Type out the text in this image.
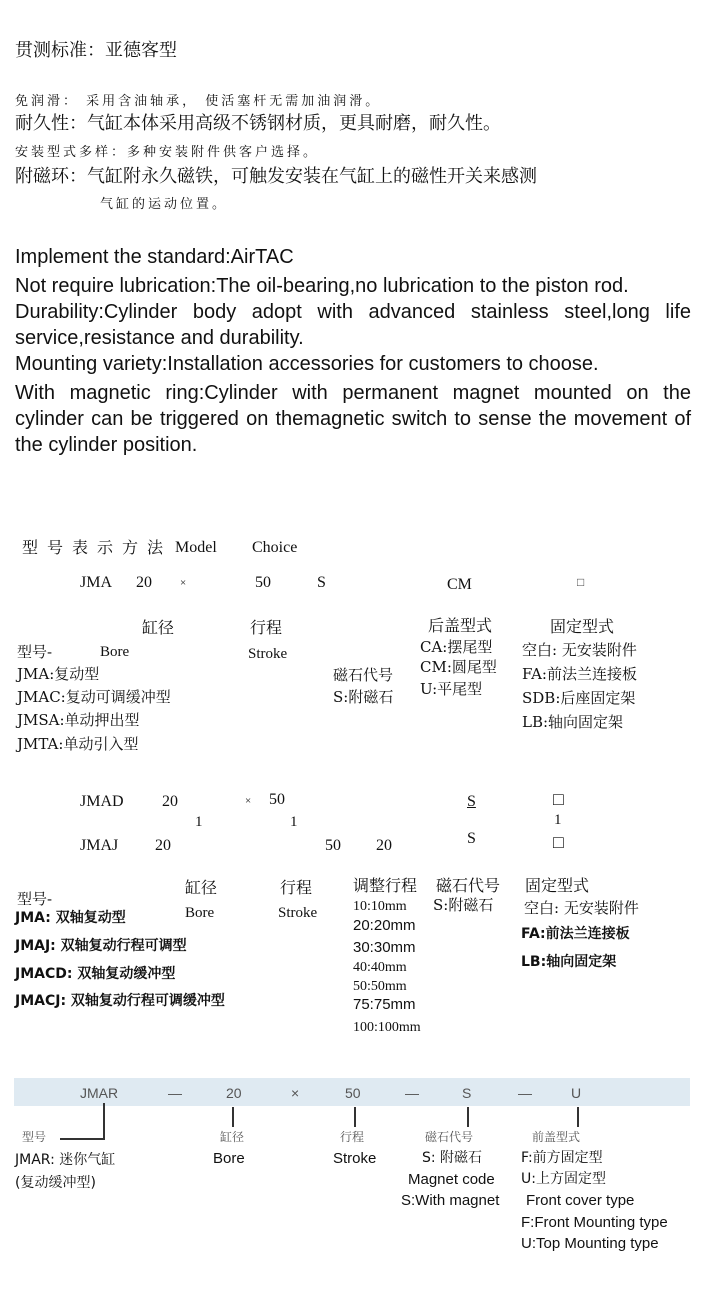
贯测标准：亚德客型
免润滑： 采用含油轴承， 使活塞杆无需加油润滑。
耐久性：气缸本体采用高级不锈钢材质，更具耐磨，耐久性。
安装型式多样：多种安装附件供客户选择。
附磁环：气缸附永久磁铁，可触发安装在气缸上的磁性开关来感测
气缸的运动位置。

Implement the standard:AirTAC

Not require lubrication:The oil-bearing,no lubrication to the piston rod.

Durability:Cylinder body adopt with advanced stainless steel,long life service,resistance and durability.

Mounting variety:Installation accessories for customers to choose.

With magnetic ring:Cylinder with permanent magnet mounted on the cylinder can be triggered on themagnetic switch to sense the movement of the cylinder position.

型号表示方法 Model Choice
JMA 20	×	50	S	CM	□
缸径	行程	后盖型式	固定型式
型号-	Bore	Stroke
JMA:复动型
JMAC:复动可调缓冲型
JMSA:单动押出型
JMTA:单动引入型
磁石代号
S:附磁石
CA:摆尾型
CM:圆尾型
U:平尾型
空白: 无安装附件
FA:前法兰连接板
SDB:后座固定架
LB:轴向固定架
JMAD 20	× 50	S	□
1	1	1
JMAJ 20	50 20	S	□
缸径	行程	调整行程 磁石代号 固定型式
型号-
Bore	Stroke	S:附磁石 空白: 无安装附件
FA:前法兰连接板
LB:轴向固定架
JMA: 双轴复动型
JMAJ: 双轴复动行程可调型
JMACD: 双轴复动缓冲型
JMACJ: 双轴复动行程可调缓冲型
10:10mm
20:20mm
30:30mm
40:40mm
50:50mm
75:75mm
100:100mm
JMAR	—	20	×	50	—	S	—	U
型号	缸径	行程	磁石代号	前盖型式
JMAR: 迷你气缸
(复动缓冲型)
Bore	Stroke	S: 附磁石
Magnet code
S:With magnet
F:前方固定型
U:上方固定型
Front cover type
F:Front Mounting type
U:Top Mounting type
